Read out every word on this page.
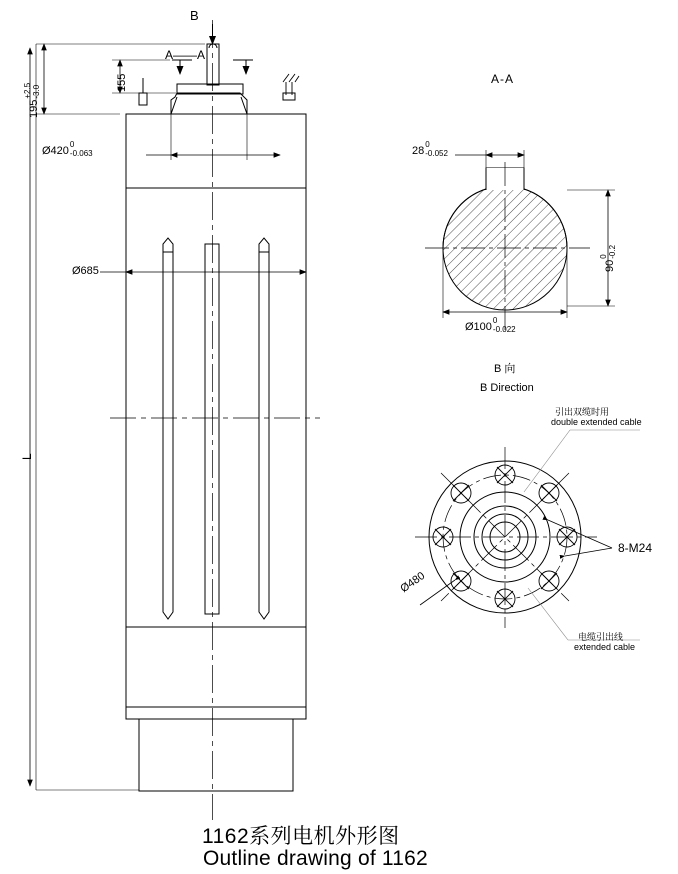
B
A——A
195
+2.5 -3.0	155
Ø420
0
-0.063
Ø685
L
A-A
28
0
-0.052
90
0 -0.2
Ø100
0
-0.022
B 向
B Direction
引出双缆时用
double extended cable
8-M24
Ø480
电缆引出线
extended cable
1162系列电机外形图
Outline drawing of 1162
